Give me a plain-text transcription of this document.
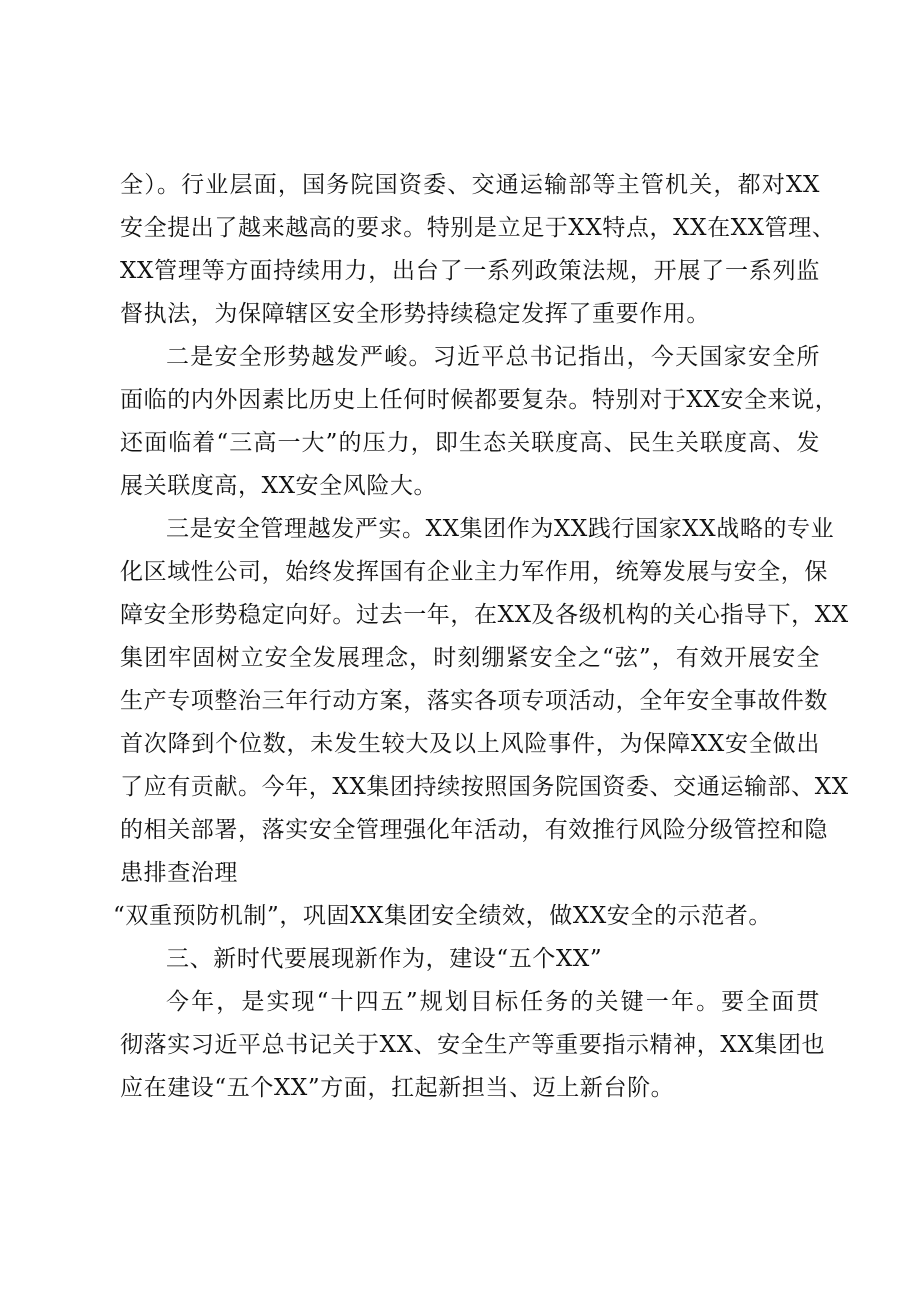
全）。行业层面，国务院国资委、交通运输部等主管机关，都对XX
安全提出了越来越高的要求。特别是立足于XX特点，XX在XX管理、
XX管理等方面持续用力，出台了一系列政策法规，开展了一系列监
督执法，为保障辖区安全形势持续稳定发挥了重要作用。
二是安全形势越发严峻。习近平总书记指出，今天国家安全所
面临的内外因素比历史上任何时候都要复杂。特别对于XX安全来说，
还面临着“三高一大”的压力，即生态关联度高、民生关联度高、发
展关联度高，XX安全风险大。
三是安全管理越发严实。XX集团作为XX践行国家XX战略的专业
化区域性公司，始终发挥国有企业主力军作用，统筹发展与安全，保
障安全形势稳定向好。过去一年，在XX及各级机构的关心指导下，XX
集团牢固树立安全发展理念，时刻绷紧安全之“弦”，有效开展安全
生产专项整治三年行动方案，落实各项专项活动，全年安全事故件数
首次降到个位数，未发生较大及以上风险事件，为保障XX安全做出
了应有贡献。今年，XX集团持续按照国务院国资委、交通运输部、XX
的相关部署，落实安全管理强化年活动，有效推行风险分级管控和隐
患排查治理
“双重预防机制”，巩固XX集团安全绩效，做XX安全的示范者。
三、新时代要展现新作为，建设“五个XX”
今年，是实现“十四五”规划目标任务的关键一年。要全面贯
彻落实习近平总书记关于XX、安全生产等重要指示精神，ⅩX集团也
应在建设“五个XX”方面，扛起新担当、迈上新台阶。
